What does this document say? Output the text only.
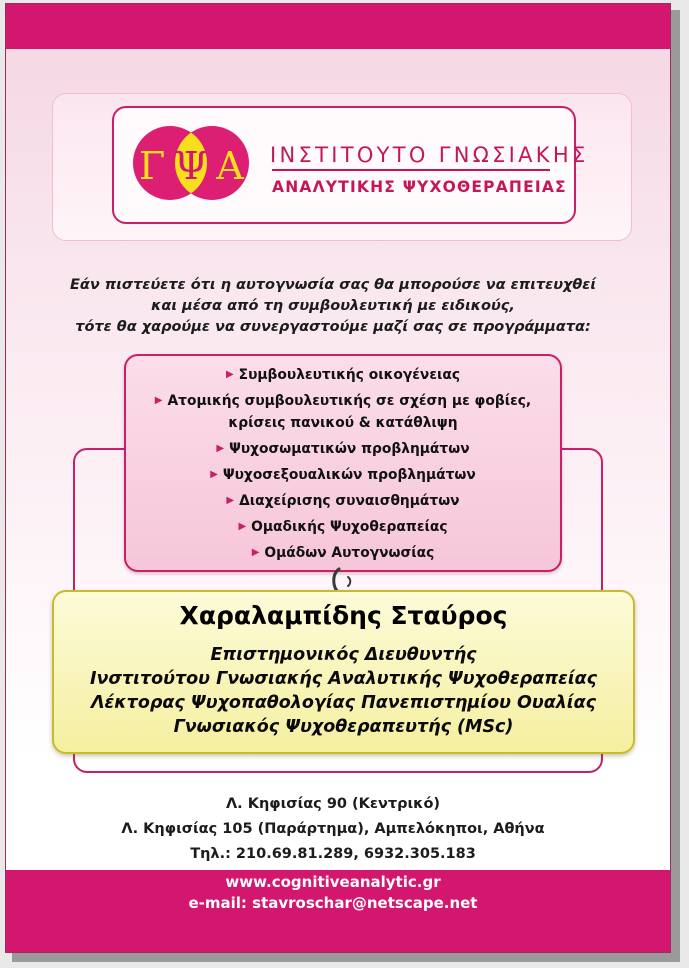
Γ Ψ Α ΙΝΣΤΙΤΟΥΤΟ ΓΝΩΣΙΑΚΗΣ
ΑΝΑΛΥΤΙΚΗΣ ΨΥΧΟΘΕΡΑΠΕΙΑΣ
Εάν πιστεύετε ότι η αυτογνωσία σας θα μπορούσε να επιτευχθεί
και μέσα από τη συμβουλευτική με ειδικούς,
τότε θα χαρούμε να συνεργαστούμε μαζί σας σε προγράμματα:
▶ Συμβουλευτικής οικογένειας
▶ Ατομικής συμβουλευτικής σε σχέση με φοβίες, κρίσεις πανικού & κατάθλιψη
▶ Ψυχοσωματικών προβλημάτων
▶ Ψυχοσεξουαλικών προβλημάτων
▶ Διαχείρισης συναισθημάτων
▶ Ομαδικής Ψυχοθεραπείας
▶ Ομάδων Αυτογνωσίας
Χαραλαμπίδης Σταύρος
Επιστημονικός Διευθυντής
Ινστιτούτου Γνωσιακής Αναλυτικής Ψυχοθεραπείας
Λέκτορας Ψυχοπαθολογίας Πανεπιστημίου Ουαλίας
Γνωσιακός Ψυχοθεραπευτής (MSc)
Λ. Κηφισίας 90 (Κεντρικό)
Λ. Κηφισίας 105 (Παράρτημα), Αμπελόκηποι, Αθήνα
Τηλ.: 210.69.81.289, 6932.305.183
www.cognitiveanalytic.gr
e-mail: stavroschar@netscape.net
